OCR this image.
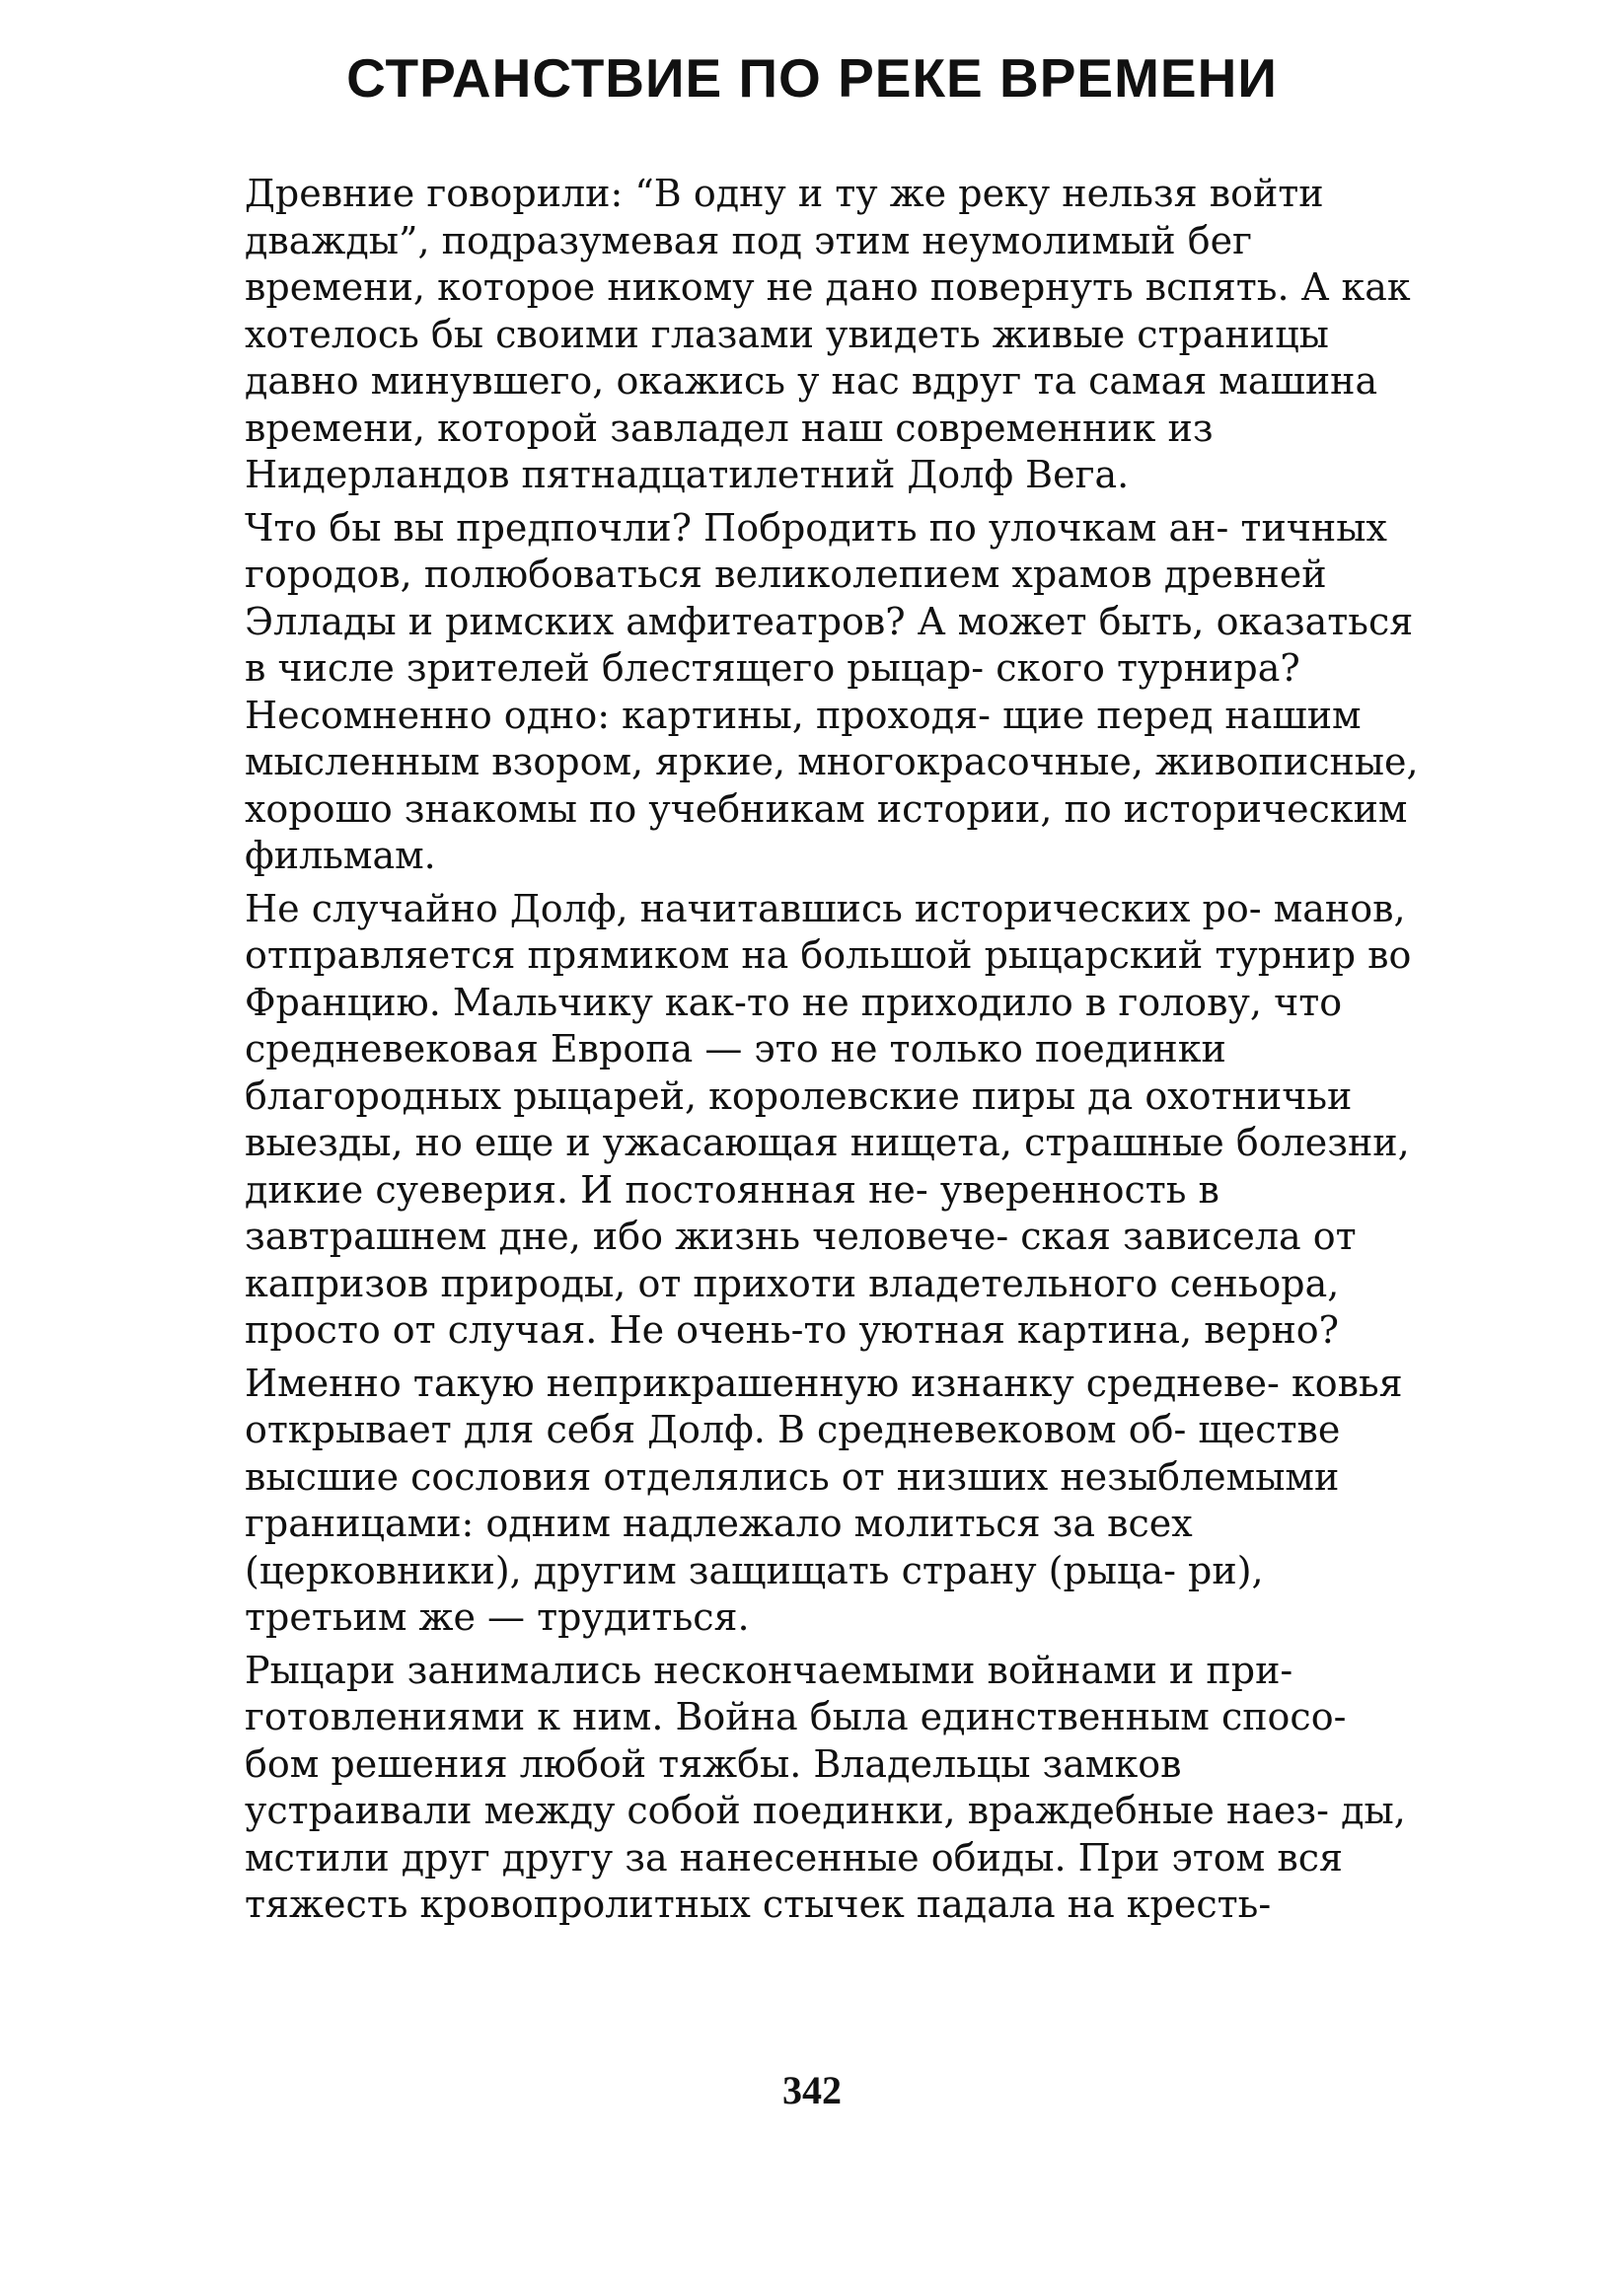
СТРАНСТВИЕ ПО РЕКЕ ВРЕМЕНИ
Древние говорили: “В одну и ту же реку нельзя войти дважды”, подразумевая под этим неумолимый бег времени, которое никому не дано повернуть вспять. А как хотелось бы своими глазами увидеть живые страницы давно минувшего, окажись у нас вдруг та самая машина времени, которой завладел наш современник из Нидерландов пятнадцатилетний Долф Вега.
Что бы вы предпочли? Побродить по улочкам ан- тичных городов, полюбоваться великолепием храмов древней Эллады и римских амфитеатров? А может быть, оказаться в числе зрителей блестящего рыцар- ского турнира? Несомненно одно: картины, проходя- щие перед нашим мысленным взором, яркие, многокрасочные, живописные, хорошо знакомы по учебникам истории, по историческим фильмам.
Не случайно Долф, начитавшись исторических ро- манов, отправляется прямиком на большой рыцарский турнир во Францию. Мальчику как-то не приходило в голову, что средневековая Европа — это не только поединки благородных рыцарей, королевские пиры да охотничьи выезды, но еще и ужасающая нищета, страшные болезни, дикие суеверия. И постоянная не- уверенность в завтрашнем дне, ибо жизнь человече- ская зависела от капризов природы, от прихоти владетельного сеньора, просто от случая. Не очень-то уютная картина, верно?
Именно такую неприкрашенную изнанку средневе- ковья открывает для себя Долф. В средневековом об- ществе высшие сословия отделялись от низших незыблемыми границами: одним надлежало молиться за всех (церковники), другим защищать страну (рыца- ри), третьим же — трудиться.
Рыцари занимались нескончаемыми войнами и при- готовлениями к ним. Война была единственным спосо- бом решения любой тяжбы. Владельцы замков устраивали между собой поединки, враждебные наез- ды, мстили друг другу за нанесенные обиды. При этом вся тяжесть кровопролитных стычек падала на кресть-
342
